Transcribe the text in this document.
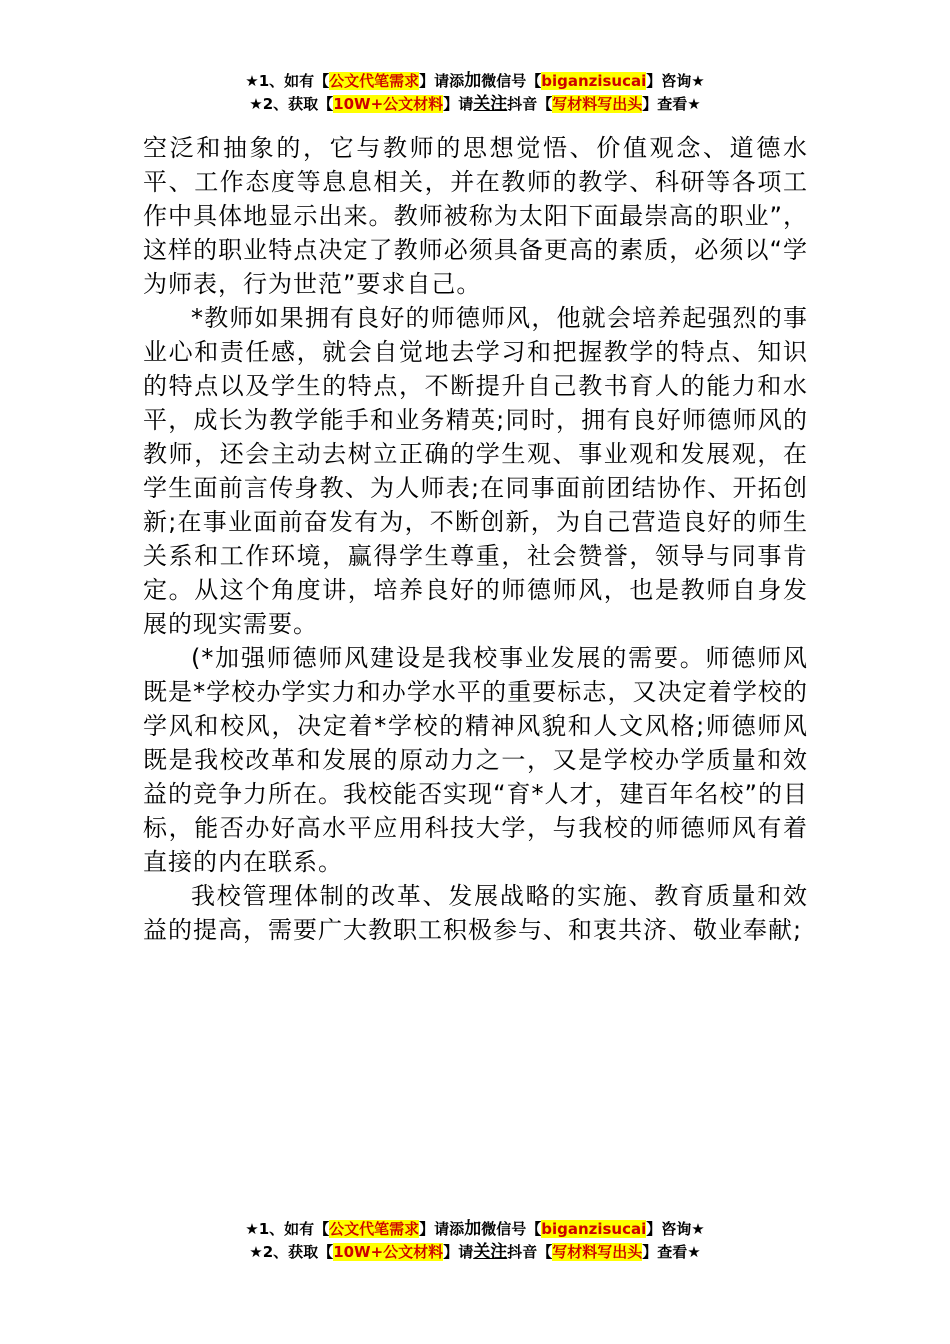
★1、如有【公文代笔需求】请添加微信号【biganzisucai】咨询★
★2、获取【10W+公文材料】请关注抖音【写材料写出头】查看★

空泛和抽象的，它与教师的思想觉悟、价值观念、道德水平、工作态度等息息相关，并在教师的教学、科研等各项工作中具体地显示出来。教师被称为太阳下面最崇高的职业”，这样的职业特点决定了教师必须具备更高的素质，必须以“学为师表，行为世范”要求自己。

*教师如果拥有良好的师德师风，他就会培养起强烈的事业心和责任感，就会自觉地去学习和把握教学的特点、知识的特点以及学生的特点，不断提升自己教书育人的能力和水平，成长为教学能手和业务精英;同时，拥有良好师德师风的教师，还会主动去树立正确的学生观、事业观和发展观，在学生面前言传身教、为人师表;在同事面前团结协作、开拓创新;在事业面前奋发有为，不断创新，为自己营造良好的师生关系和工作环境，赢得学生尊重，社会赞誉，领导与同事肯定。从这个角度讲，培养良好的师德师风，也是教师自身发展的现实需要。

(*加强师德师风建设是我校事业发展的需要。师德师风既是*学校办学实力和办学水平的重要标志，又决定着学校的学风和校风，决定着*学校的精神风貌和人文风格;师德师风既是我校改革和发展的原动力之一，又是学校办学质量和效益的竞争力所在。我校能否实现“育*人才，建百年名校”的目标，能否办好高水平应用科技大学，与我校的师德师风有着直接的内在联系。

我校管理体制的改革、发展战略的实施、教育质量和效益的提高，需要广大教职工积极参与、和衷共济、敬业奉献;

★1、如有【公文代笔需求】请添加微信号【biganzisucai】咨询★
★2、获取【10W+公文材料】请关注抖音【写材料写出头】查看★
